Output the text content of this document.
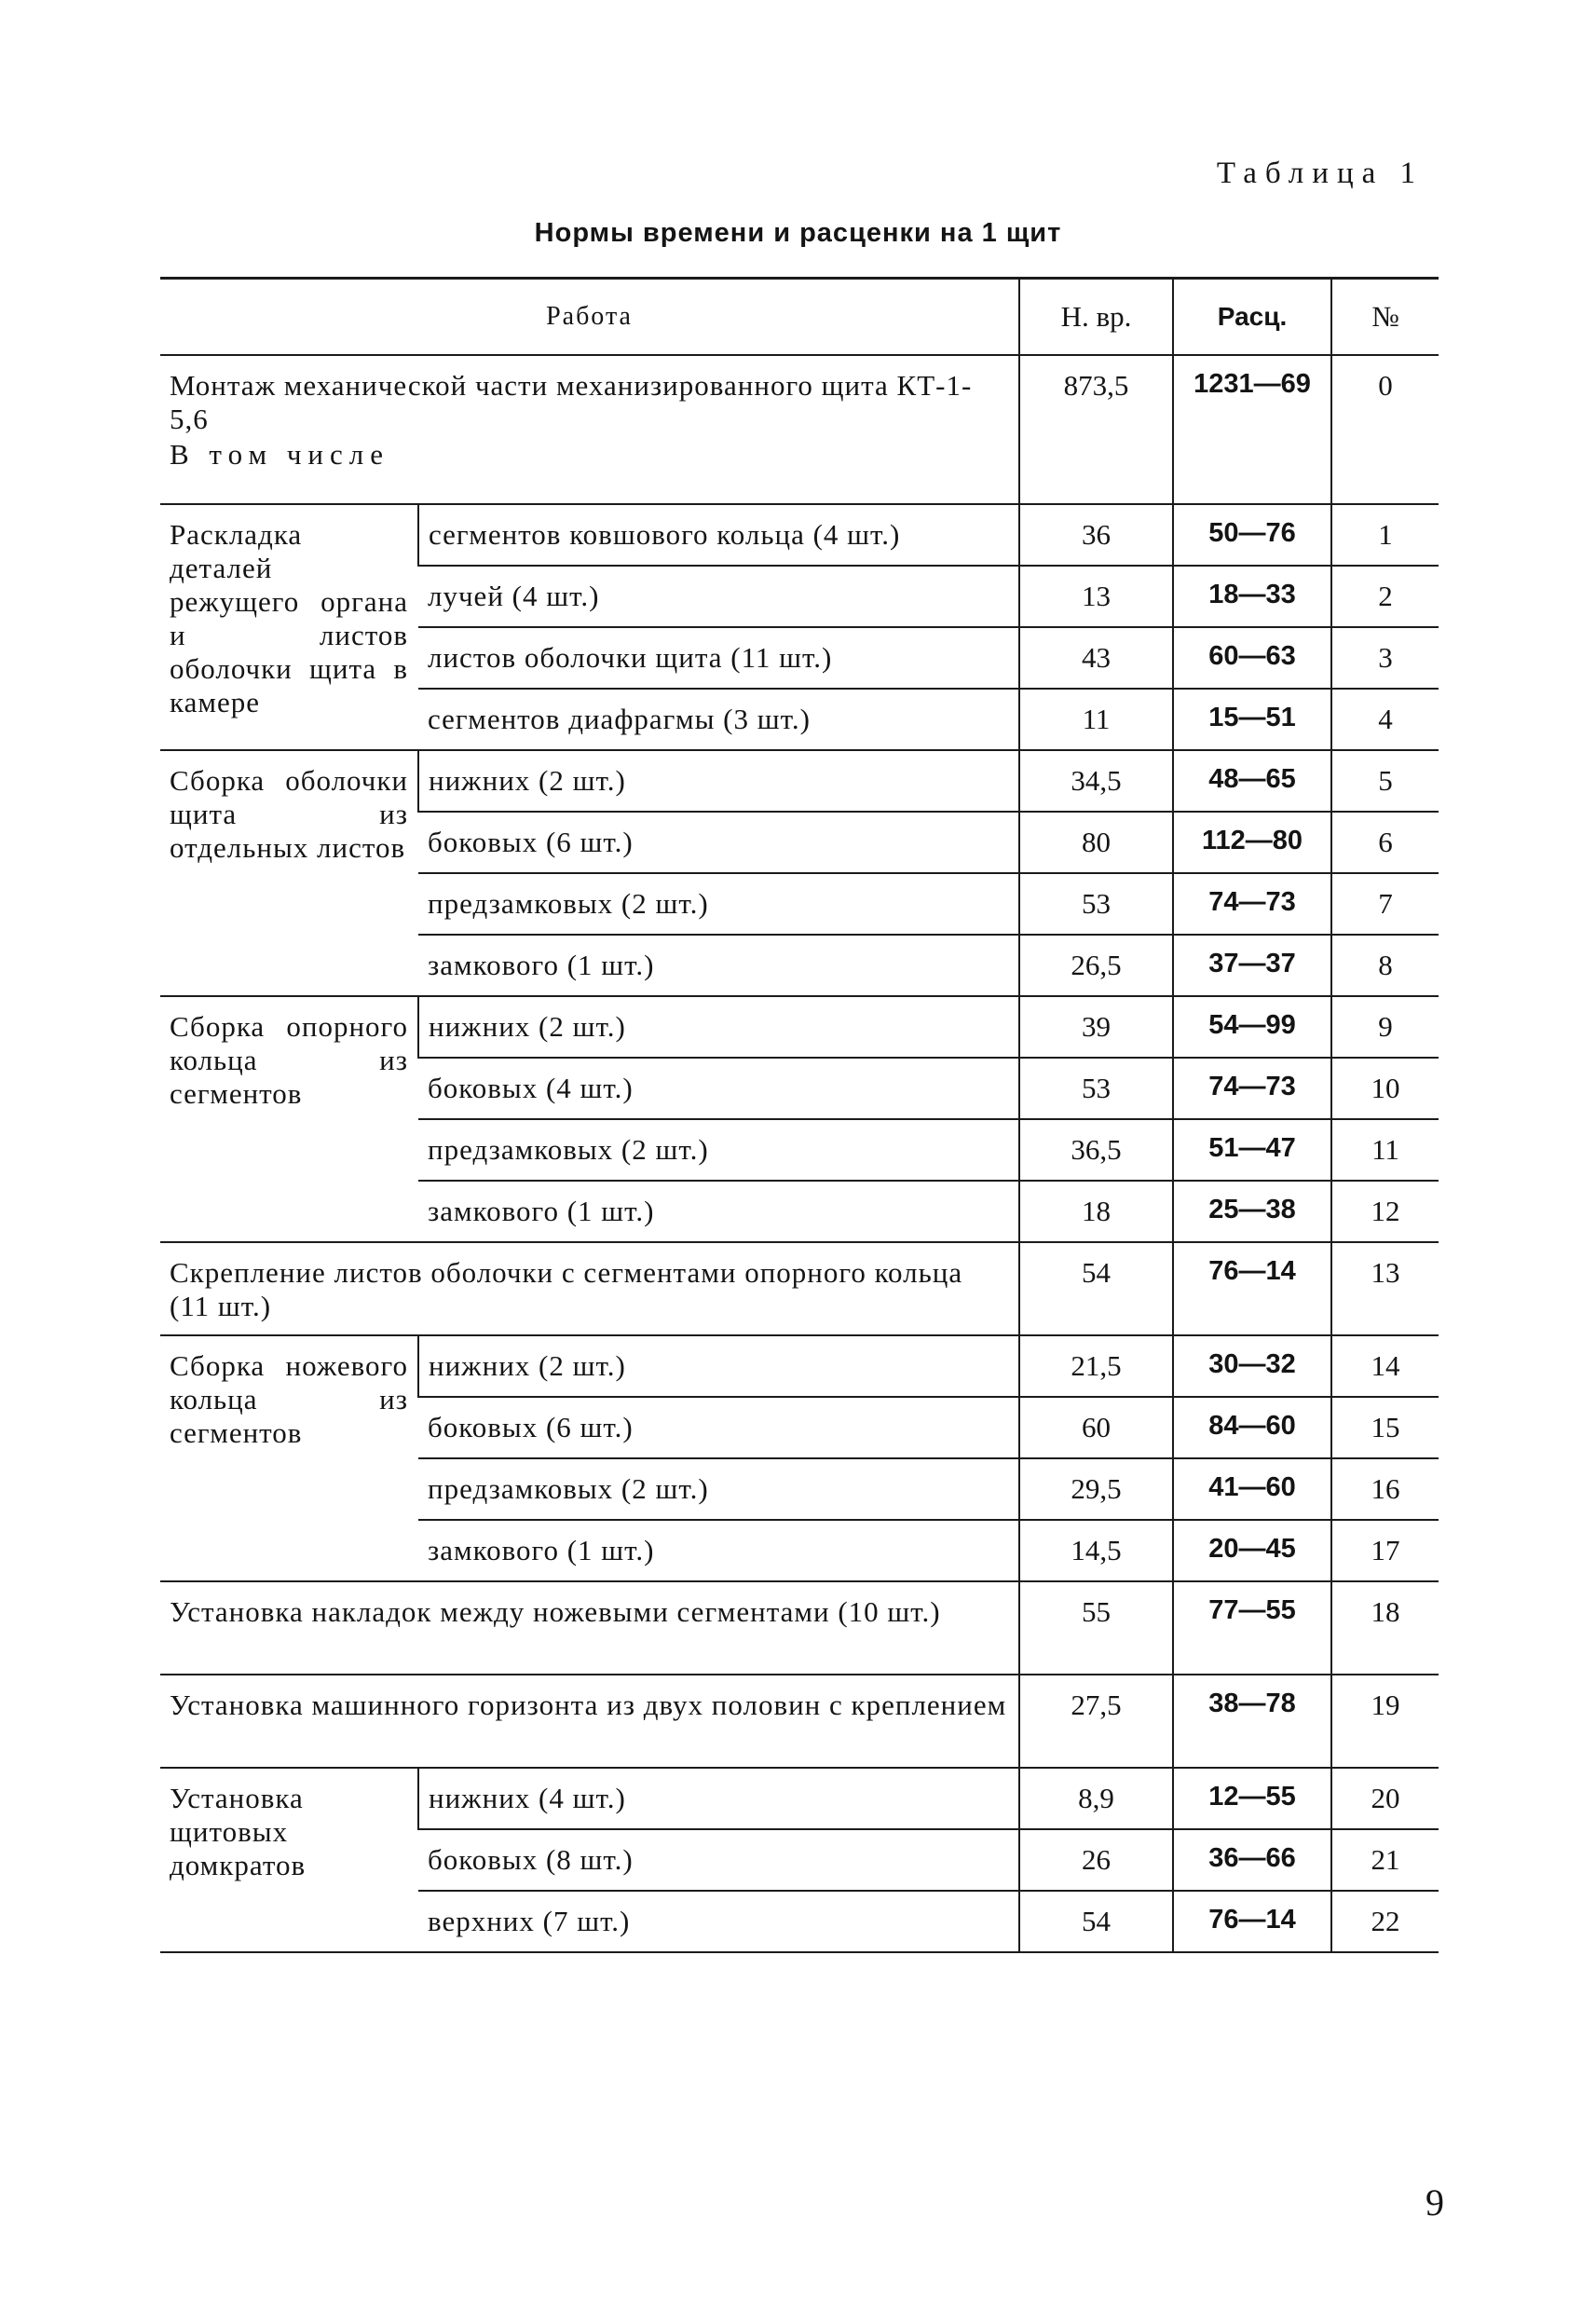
Таблица 1
Нормы времени и расценки на 1 щит
Работа		Н. вр.	Расц.	№
Монтаж механической части механизированного щита КТ-1-5,6
В том числе		873,5	1231—69	0
Раскладка деталей режущего органа и листов оболочки щита в камере	сегментов ковшового кольца (4 шт.)	36	50—76	1
	лучей (4 шт.)	13	18—33	2
	листов оболочки щита (11 шт.)	43	60—63	3
	сегментов диафрагмы (3 шт.)	11	15—51	4
Сборка оболочки щита из отдельных листов	нижних (2 шт.)	34,5	48—65	5
	боковых (6 шт.)	80	112—80	6
	предзамковых (2 шт.)	53	74—73	7
	замкового (1 шт.)	26,5	37—37	8
Сборка опорного кольца из сегментов	нижних (2 шт.)	39	54—99	9
	боковых (4 шт.)	53	74—73	10
	предзамковых (2 шт.)	36,5	51—47	11
	замкового (1 шт.)	18	25—38	12
Скрепление листов оболочки с сегментами опорного кольца (11 шт.)		54	76—14	13
Сборка ножевого кольца из сегментов	нижних (2 шт.)	21,5	30—32	14
	боковых (6 шт.)	60	84—60	15
	предзамковых (2 шт.)	29,5	41—60	16
	замкового (1 шт.)	14,5	20—45	17
Установка накладок между ножевыми сегментами (10 шт.)		55	77—55	18
Установка машинного горизонта из двух половин с креплением		27,5	38—78	19
Установка щитовых домкратов	нижних (4 шт.)	8,9	12—55	20
	боковых (8 шт.)	26	36—66	21
	верхних (7 шт.)	54	76—14	22
9
